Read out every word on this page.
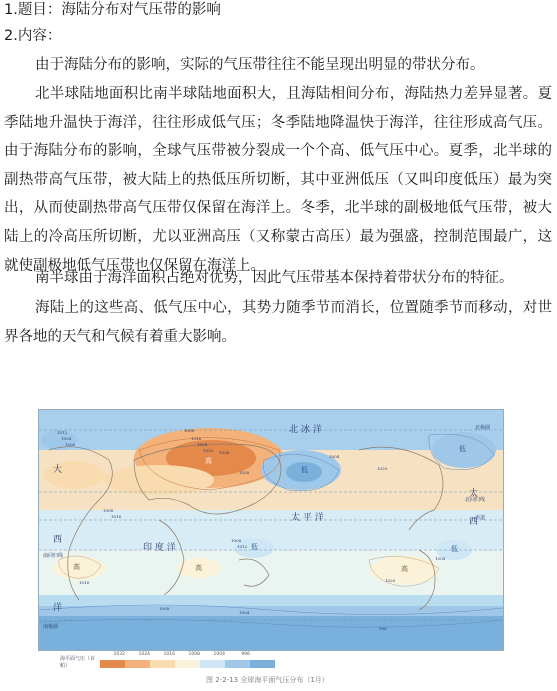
1.题目：海陆分布对气压带的影响
2.内容：
由于海陆分布的影响，实际的气压带往往不能呈现出明显的带状分布。
北半球陆地面积比南半球陆地面积大，且海陆相间分布，海陆热力差异显著。夏季陆地升温快于海洋，往往形成低气压；冬季陆地降温快于海洋，往往形成高气压。由于海陆分布的影响，全球气压带被分裂成一个个高、低气压中心。夏季，北半球的副热带高气压带，被大陆上的热低压所切断，其中亚洲低压（又叫印度低压）最为突出，从而使副热带高气压带仅保留在海洋上。冬季，北半球的副极地低气压带，被大陆上的冷高压所切断，尤以亚洲高压（又称蒙古高压）最为强盛，控制范围最广，这就使副极地低气压带也仅保留在海洋上。
南半球由于海洋面积占绝对优势，因此气压带基本保持着带状分布的特征。
海陆上的这些高、低气压中心，其势力随季节而消长，位置随季节而移动，对世界各地的天气和气候有着重大影响。
北 冰 洋
太 平 洋
印 度 洋
大
西
洋
太
西
北极圈
北回归线
赤道
南回归线
南极圈
高
低
低
高	高	高
低	低
1008
1016
1024
1032 1036
1028
1012
1004
1000
1020
1004
1008
1016
1008
1012
1016	1020
1004
996
1008
1004
海平面气压（百帕）
1032	1024	1016	1008	1004	996
图 2-2-13 全球海平面气压分布（1月）
